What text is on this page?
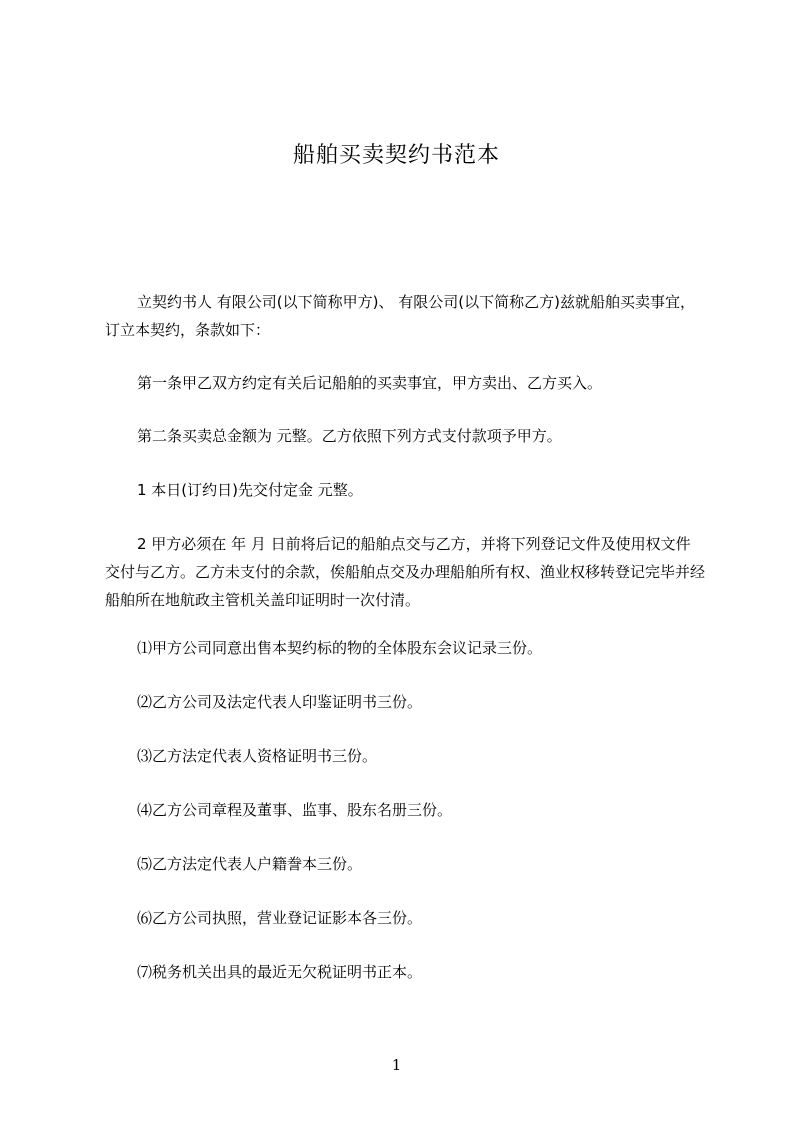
船舶买卖契约书范本

立契约书人 有限公司(以下简称甲方)、 有限公司(以下简称乙方)兹就船舶买卖事宜，订立本契约，条款如下：

第一条甲乙双方约定有关后记船舶的买卖事宜，甲方卖出、乙方买入。

第二条买卖总金额为 元整。乙方依照下列方式支付款项予甲方。

1 本日(订约日)先交付定金 元整。

2 甲方必须在 年 月 日前将后记的船舶点交与乙方，并将下列登记文件及使用权文件交付与乙方。乙方未支付的余款，俟船舶点交及办理船舶所有权、渔业权移转登记完毕并经船舶所在地航政主管机关盖印证明时一次付清。

⑴甲方公司同意出售本契约标的物的全体股东会议记录三份。

⑵乙方公司及法定代表人印鉴证明书三份。

⑶乙方法定代表人资格证明书三份。

⑷乙方公司章程及董事、监事、股东名册三份。

⑸乙方法定代表人户籍誊本三份。

⑹乙方公司执照，营业登记证影本各三份。

⑺税务机关出具的最近无欠税证明书正本。

1
